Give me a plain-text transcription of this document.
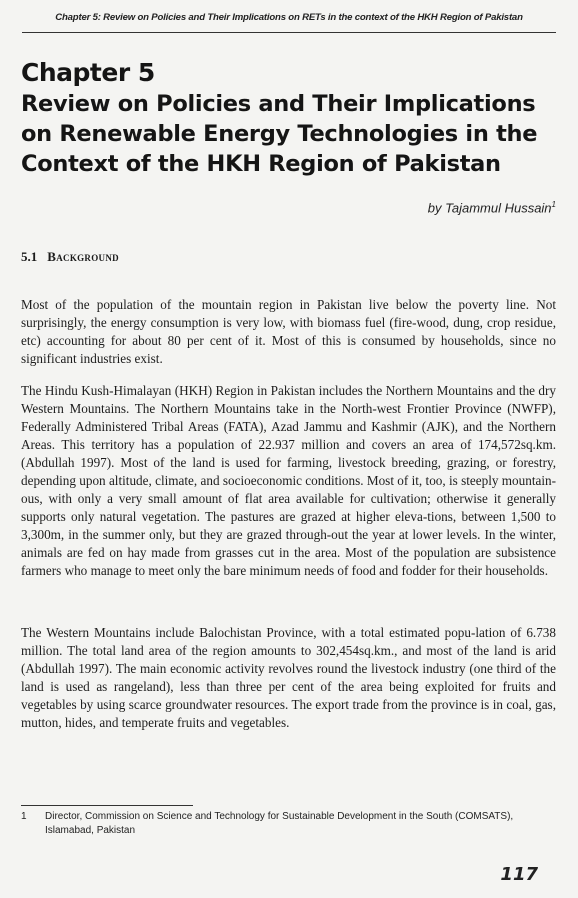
Chapter 5: Review on Policies and Their Implications on RETs in the context of the HKH Region of Pakistan
Chapter 5
Review on Policies and Their Implications on Renewable Energy Technologies in the Context of the HKH Region of Pakistan
by Tajammul Hussain$^1$
5.1 Background

Most of the population of the mountain region in Pakistan live below the poverty line. Not surprisingly, the energy consumption is very low, with biomass fuel (fire-wood, dung, crop residue, etc) accounting for about 80 per cent of it. Most of this is consumed by households, since no significant industries exist.

The Hindu Kush-Himalayan (HKH) Region in Pakistan includes the Northern Mountains and the dry Western Mountains. The Northern Mountains take in the North-west Frontier Province (NWFP), Federally Administered Tribal Areas (FATA), Azad Jammu and Kashmir (AJK), and the Northern Areas. This territory has a population of 22.937 million and covers an area of 174,572sq.km. (Abdullah 1997). Most of the land is used for farming, livestock breeding, grazing, or forestry, depending upon altitude, climate, and socioeconomic conditions. Most of it, too, is steeply mountain-ous, with only a very small amount of flat area available for cultivation; otherwise it generally supports only natural vegetation. The pastures are grazed at higher eleva-tions, between 1,500 to 3,300m, in the summer only, but they are grazed through-out the year at lower levels. In the winter, animals are fed on hay made from grasses cut in the area. Most of the population are subsistence farmers who manage to meet only the bare minimum needs of food and fodder for their households.

The Western Mountains include Balochistan Province, with a total estimated popu-lation of 6.738 million. The total land area of the region amounts to 302,454sq.km., and most of the land is arid (Abdullah 1997). The main economic activity revolves round the livestock industry (one third of the land is used as rangeland), less than three per cent of the area being exploited for fruits and vegetables by using scarce groundwater resources. The export trade from the province is in coal, gas, mutton, hides, and temperate fruits and vegetables.

1	Director, Commission on Science and Technology for Sustainable Development in the South (COMSATS), Islamabad, Pakistan
117
